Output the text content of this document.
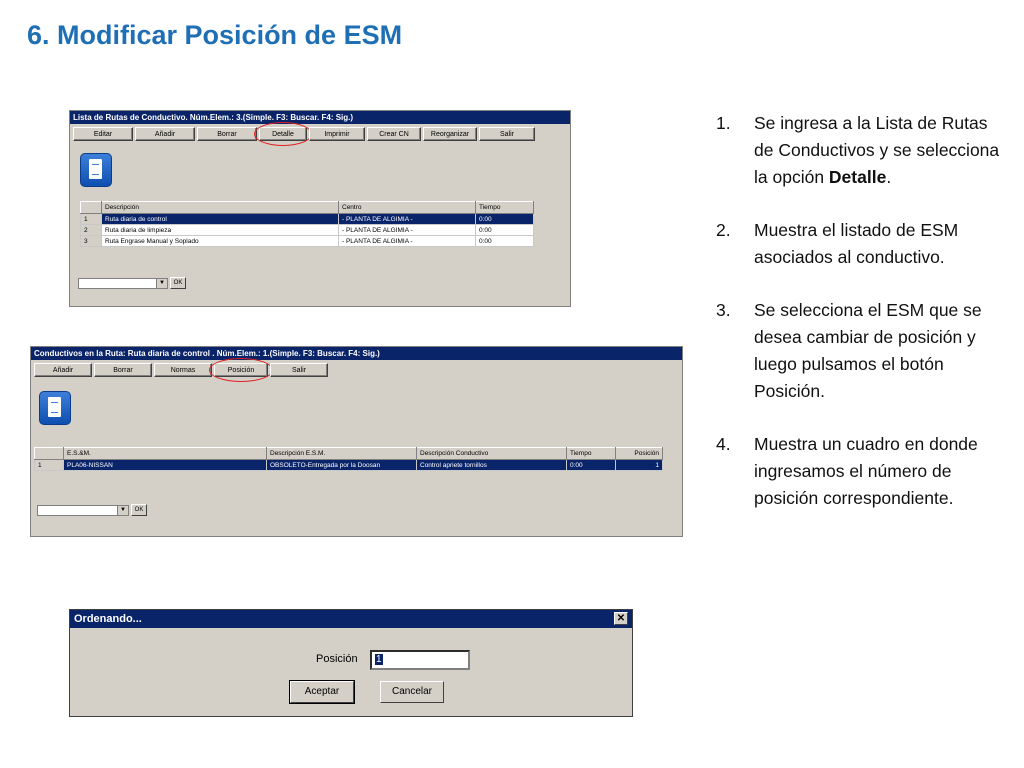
6. Modificar Posición de ESM
Lista de Rutas de Conductivo. Núm.Elem.: 3.(Simple. F3: Buscar. F4: Sig.)
Editar	Añadir	Borrar	Detalle	Imprimir	Crear CN	Reorganizar	Salir
	Descripción	Centro	Tiempo
1	Ruta diaria de control	- PLANTA DE ALGIMIA -	0:00
2	Ruta diaria de limpieza	- PLANTA DE ALGIMIA -	0:00
3	Ruta Engrase Manual y Soplado	- PLANTA DE ALGIMIA -	0:00
▼	OK
Conductivos en la Ruta: Ruta diaria de control . Núm.Elem.: 1.(Simple. F3: Buscar. F4: Sig.)
Añadir	Borrar	Normas	Posición	Salir
	E.S.&M.	Descripción E.S.M.	Descripción Conductivo	Tiempo	Posición
1	PLA06-NISSAN	OBSOLETO-Entregada por la Doosan	Control apriete tornillos	0:00	1
▼	OK
Ordenando...	✕
Posición 1
Aceptar	Cancelar
1.	Se ingresa a la Lista de Rutas de Conductivos y se selecciona la opción Detalle.
2.	Muestra el listado de ESM asociados al conductivo.
3.	Se selecciona el ESM que se desea cambiar de posición y luego pulsamos el botón Posición.
4.	Muestra un cuadro en donde ingresamos el número de posición correspondiente.
